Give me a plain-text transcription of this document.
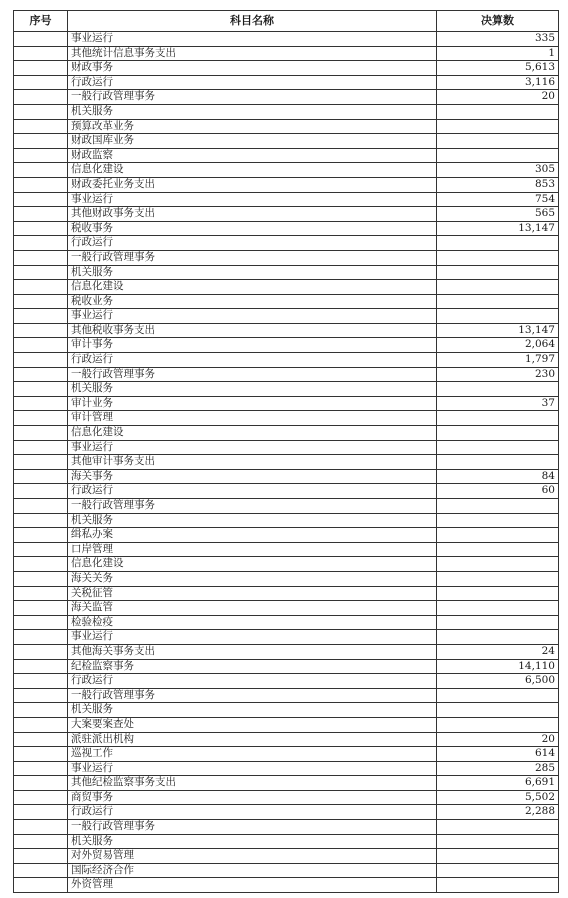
序号	科目名称	决算数
	事业运行	335
	其他统计信息事务支出	1
	财政事务	5,613
	行政运行	3,116
	一般行政管理事务	20
	机关服务	
	预算改革业务	
	财政国库业务	
	财政监察	
	信息化建设	305
	财政委托业务支出	853
	事业运行	754
	其他财政事务支出	565
	税收事务	13,147
	行政运行	
	一般行政管理事务	
	机关服务	
	信息化建设	
	税收业务	
	事业运行	
	其他税收事务支出	13,147
	审计事务	2,064
	行政运行	1,797
	一般行政管理事务	230
	机关服务	
	审计业务	37
	审计管理	
	信息化建设	
	事业运行	
	其他审计事务支出	
	海关事务	84
	行政运行	60
	一般行政管理事务	
	机关服务	
	缉私办案	
	口岸管理	
	信息化建设	
	海关关务	
	关税征管	
	海关监管	
	检验检疫	
	事业运行	
	其他海关事务支出	24
	纪检监察事务	14,110
	行政运行	6,500
	一般行政管理事务	
	机关服务	
	大案要案查处	
	派驻派出机构	20
	巡视工作	614
	事业运行	285
	其他纪检监察事务支出	6,691
	商贸事务	5,502
	行政运行	2,288
	一般行政管理事务	
	机关服务	
	对外贸易管理	
	国际经济合作	
	外资管理	
